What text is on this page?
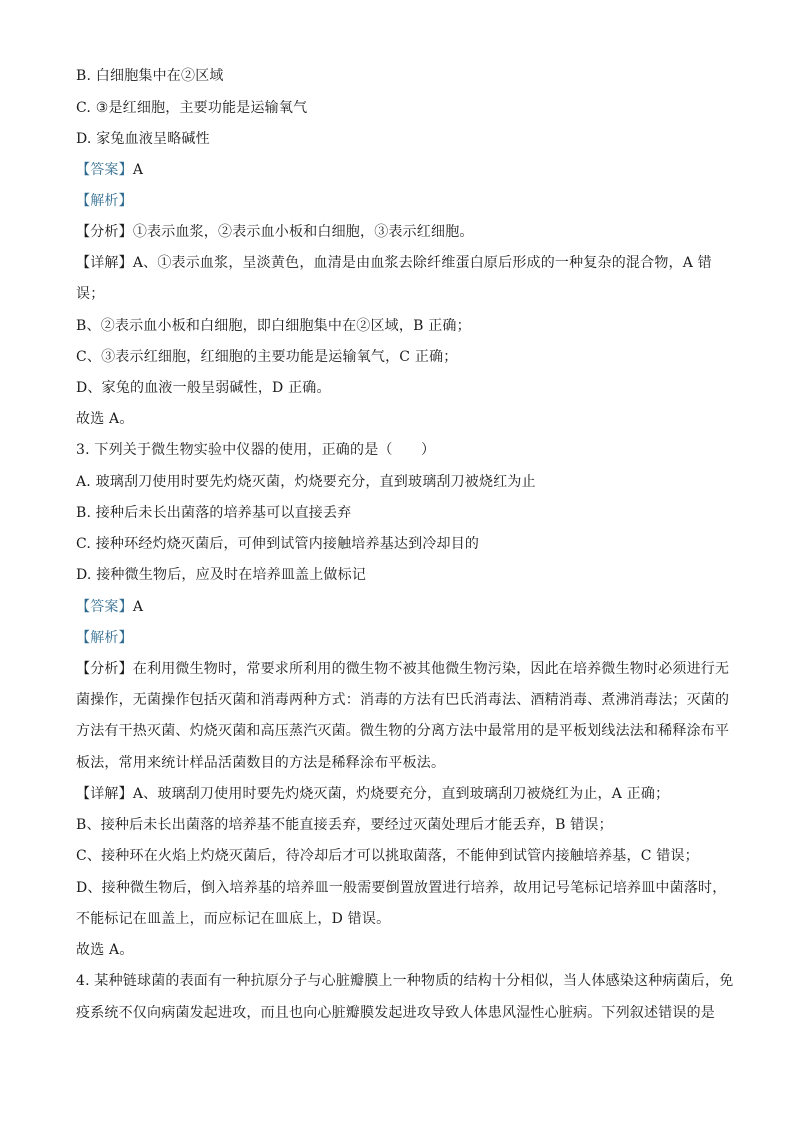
B. 白细胞集中在②区域
C. ③是红细胞，主要功能是运输氧气
D. 家兔血液呈略碱性
【答案】A
【解析】
【分析】①表示血浆，②表示血小板和白细胞，③表示红细胞。
【详解】A、①表示血浆，呈淡黄色，血清是由血浆去除纤维蛋白原后形成的一种复杂的混合物，A 错
误；
B、②表示血小板和白细胞，即白细胞集中在②区域，B 正确；
C、③表示红细胞，红细胞的主要功能是运输氧气，C 正确；
D、家兔的血液一般呈弱碱性，D 正确。
故选 A。
3. 下列关于微生物实验中仪器的使用，正确的是（　　）
A. 玻璃刮刀使用时要先灼烧灭菌，灼烧要充分，直到玻璃刮刀被烧红为止
B. 接种后未长出菌落的培养基可以直接丢弃
C. 接种环经灼烧灭菌后，可伸到试管内接触培养基达到冷却目的
D. 接种微生物后，应及时在培养皿盖上做标记
【答案】A
【解析】
【分析】在利用微生物时，常要求所利用的微生物不被其他微生物污染，因此在培养微生物时必须进行无
菌操作，无菌操作包括灭菌和消毒两种方式：消毒的方法有巴氏消毒法、酒精消毒、煮沸消毒法；灭菌的
方法有干热灭菌、灼烧灭菌和高压蒸汽灭菌。微生物的分离方法中最常用的是平板划线法法和稀释涂布平
板法，常用来统计样品活菌数目的方法是稀释涂布平板法。
【详解】A、玻璃刮刀使用时要先灼烧灭菌，灼烧要充分，直到玻璃刮刀被烧红为止，A 正确；
B、接种后未长出菌落的培养基不能直接丢弃，要经过灭菌处理后才能丢弃，B 错误；
C、接种环在火焰上灼烧灭菌后，待冷却后才可以挑取菌落，不能伸到试管内接触培养基，C 错误；
D、接种微生物后，倒入培养基的培养皿一般需要倒置放置进行培养，故用记号笔标记培养皿中菌落时，
不能标记在皿盖上，而应标记在皿底上，D 错误。
故选 A。
4. 某种链球菌的表面有一种抗原分子与心脏瓣膜上一种物质的结构十分相似，当人体感染这种病菌后，免
疫系统不仅向病菌发起进攻，而且也向心脏瓣膜发起进攻导致人体患风湿性心脏病。下列叙述错误的是
